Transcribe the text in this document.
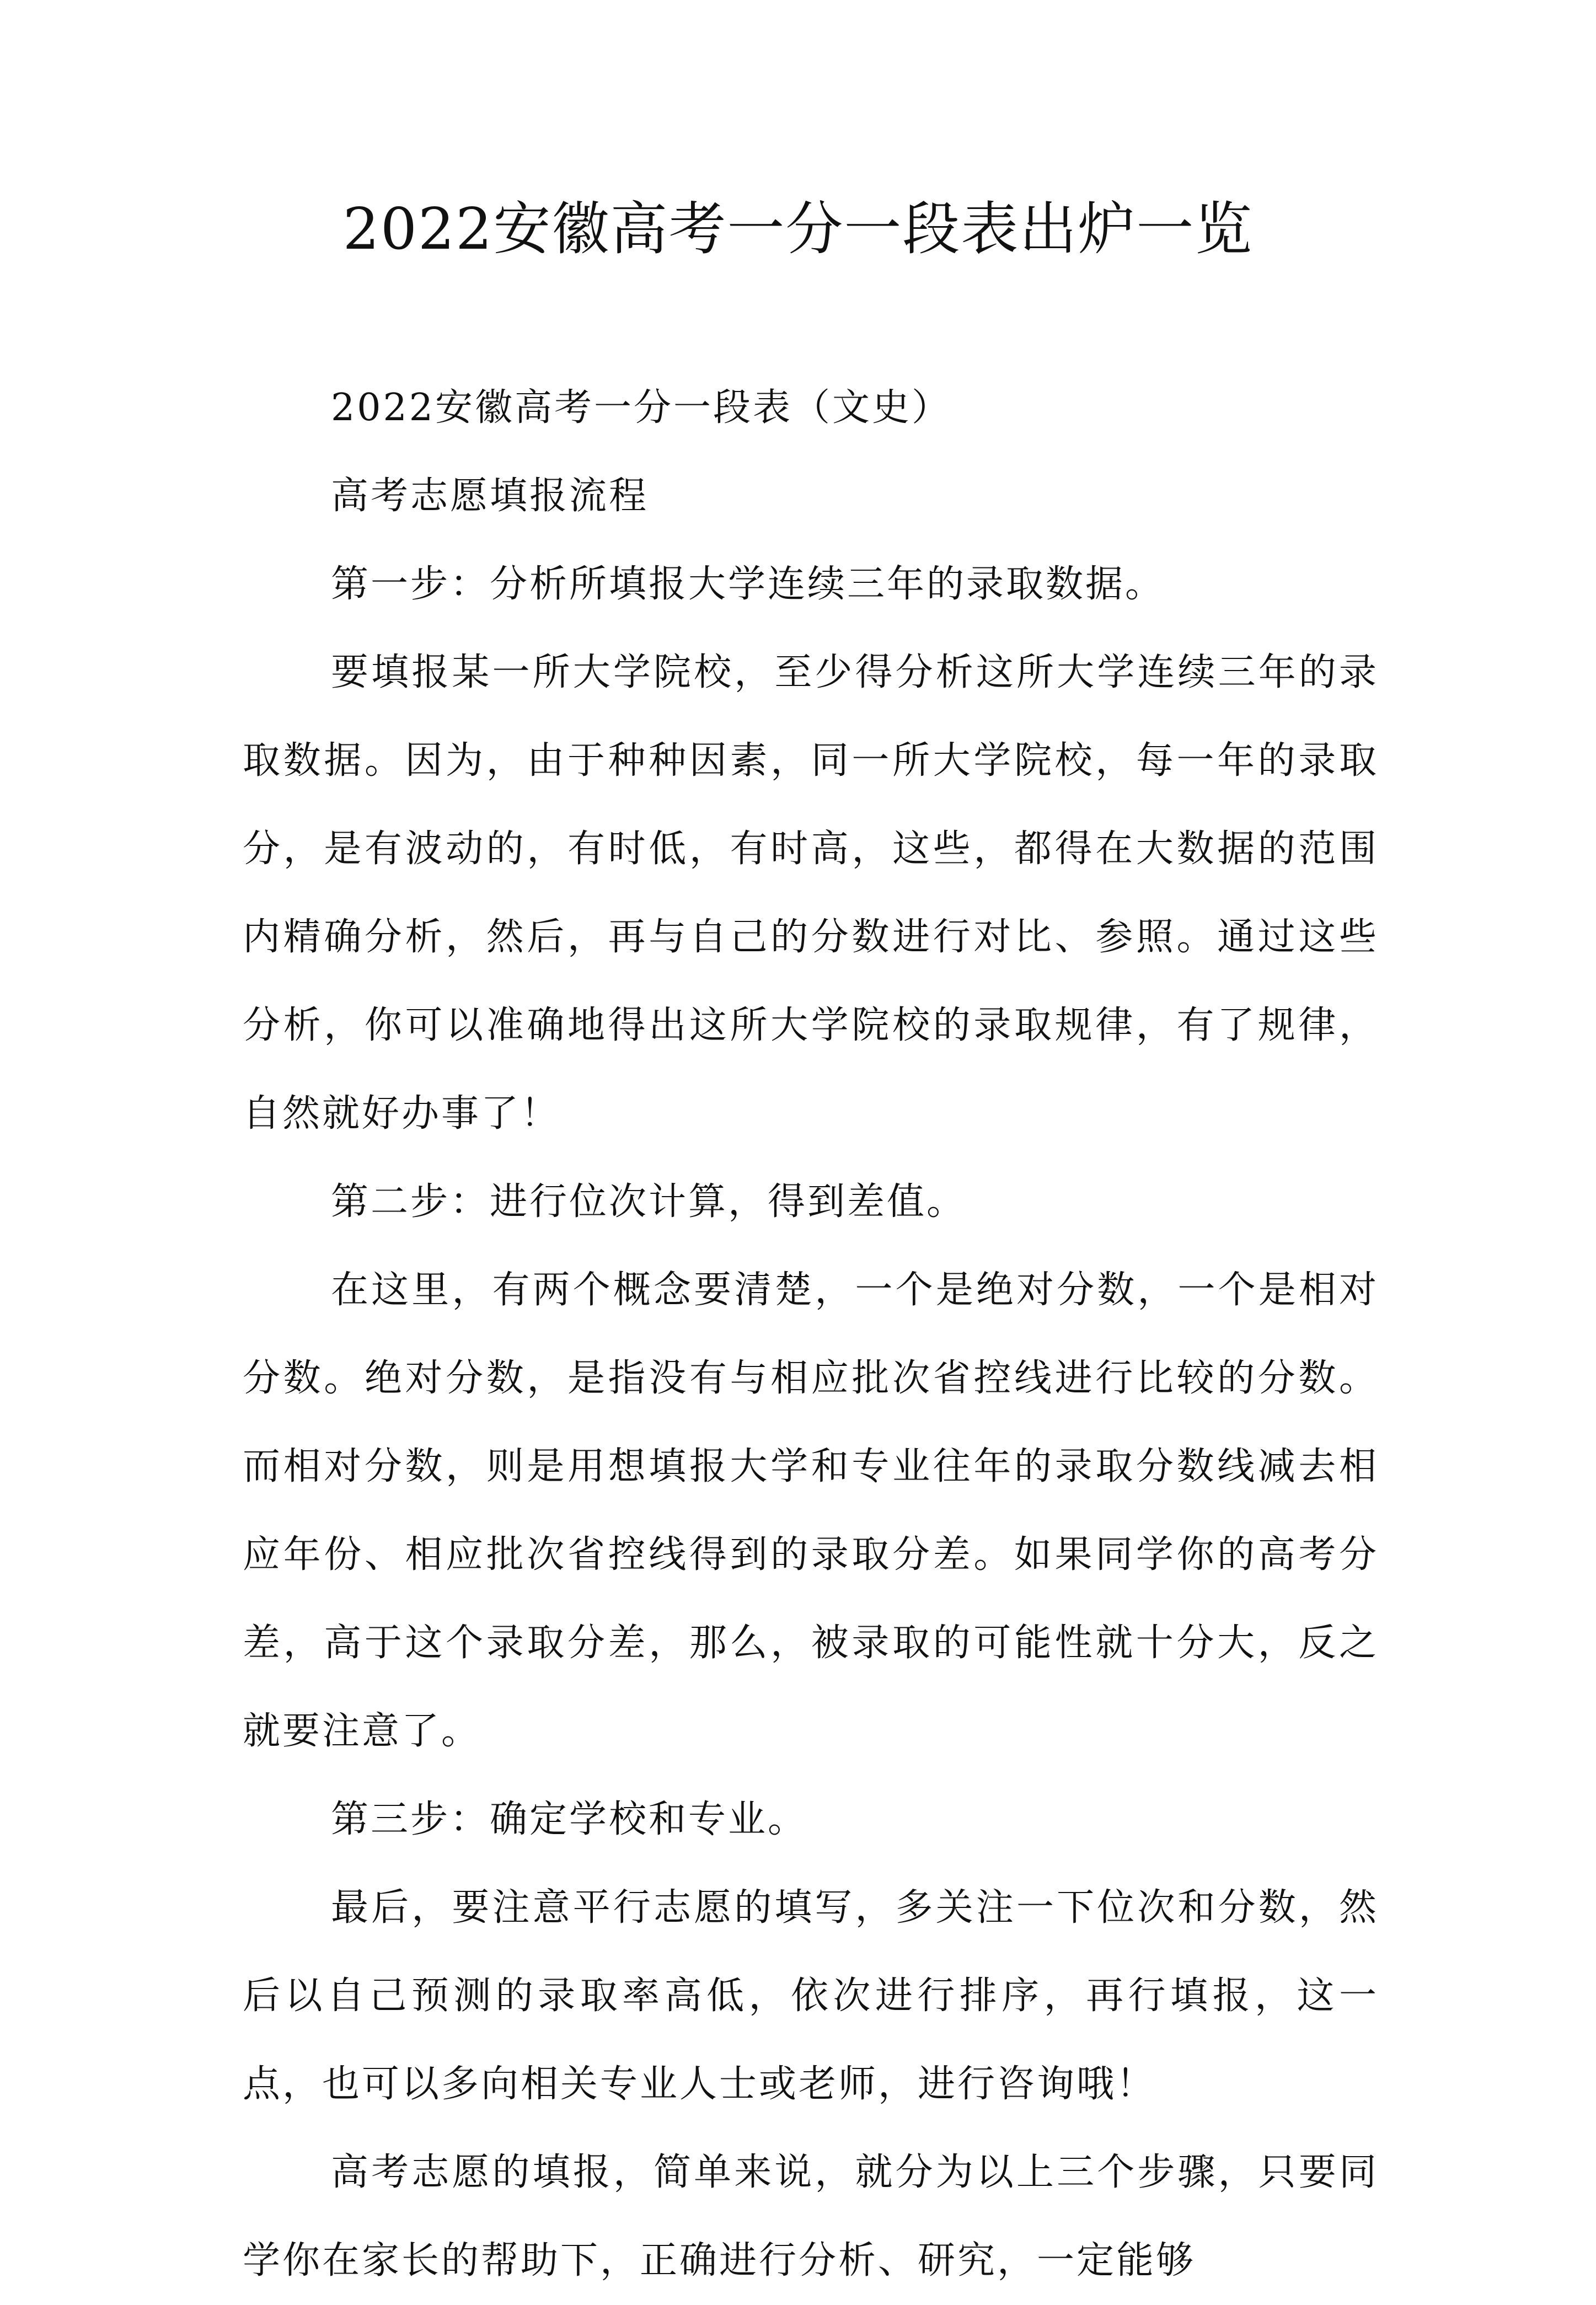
2022安徽高考一分一段表出炉一览

2022安徽高考一分一段表（文史）

高考志愿填报流程

第一步：分析所填报大学连续三年的录取数据。

要填报某一所大学院校，至少得分析这所大学连续三年的录取数据。因为，由于种种因素，同一所大学院校，每一年的录取分，是有波动的，有时低，有时高，这些，都得在大数据的范围内精确分析，然后，再与自己的分数进行对比、参照。通过这些分析，你可以准确地得出这所大学院校的录取规律，有了规律，自然就好办事了！

第二步：进行位次计算，得到差值。

在这里，有两个概念要清楚，一个是绝对分数，一个是相对分数。绝对分数，是指没有与相应批次省控线进行比较的分数。而相对分数，则是用想填报大学和专业往年的录取分数线减去相应年份、相应批次省控线得到的录取分差。如果同学你的高考分差，高于这个录取分差，那么，被录取的可能性就十分大，反之就要注意了。

第三步：确定学校和专业。

最后，要注意平行志愿的填写，多关注一下位次和分数，然后以自己预测的录取率高低，依次进行排序，再行填报，这一点，也可以多向相关专业人士或老师，进行咨询哦！

高考志愿的填报，简单来说，就分为以上三个步骤，只要同学你在家长的帮助下，正确进行分析、研究，一定能够
